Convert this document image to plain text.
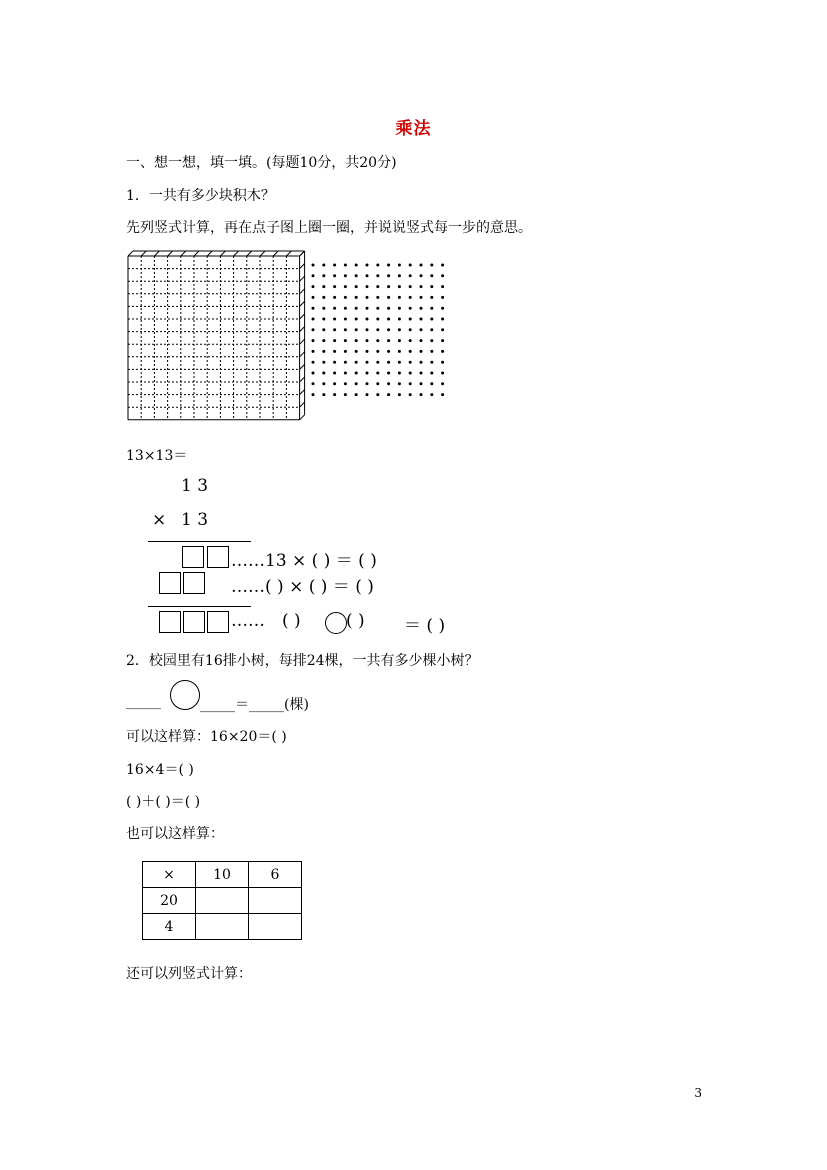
乘法
一、想一想，填一填。(每题10分，共20分)
1．一共有多少块积木？
先列竖式计算，再在点子图上圈一圈，并说说竖式每一步的意思。
13×13＝
1 3
× 1 3
……13 × ( ) ＝ ( )
……( ) × ( ) ＝ ( )
…… ( )	( ) ＝ ( )
2．校园里有16排小树，每排24棵，一共有多少棵小树？
_____	_____＝_____(棵)
可以这样算：16×20＝( )
16×4＝( )
( )＋( )＝( )
也可以这样算：
×	10	6
20		
4		
还可以列竖式计算：
3
